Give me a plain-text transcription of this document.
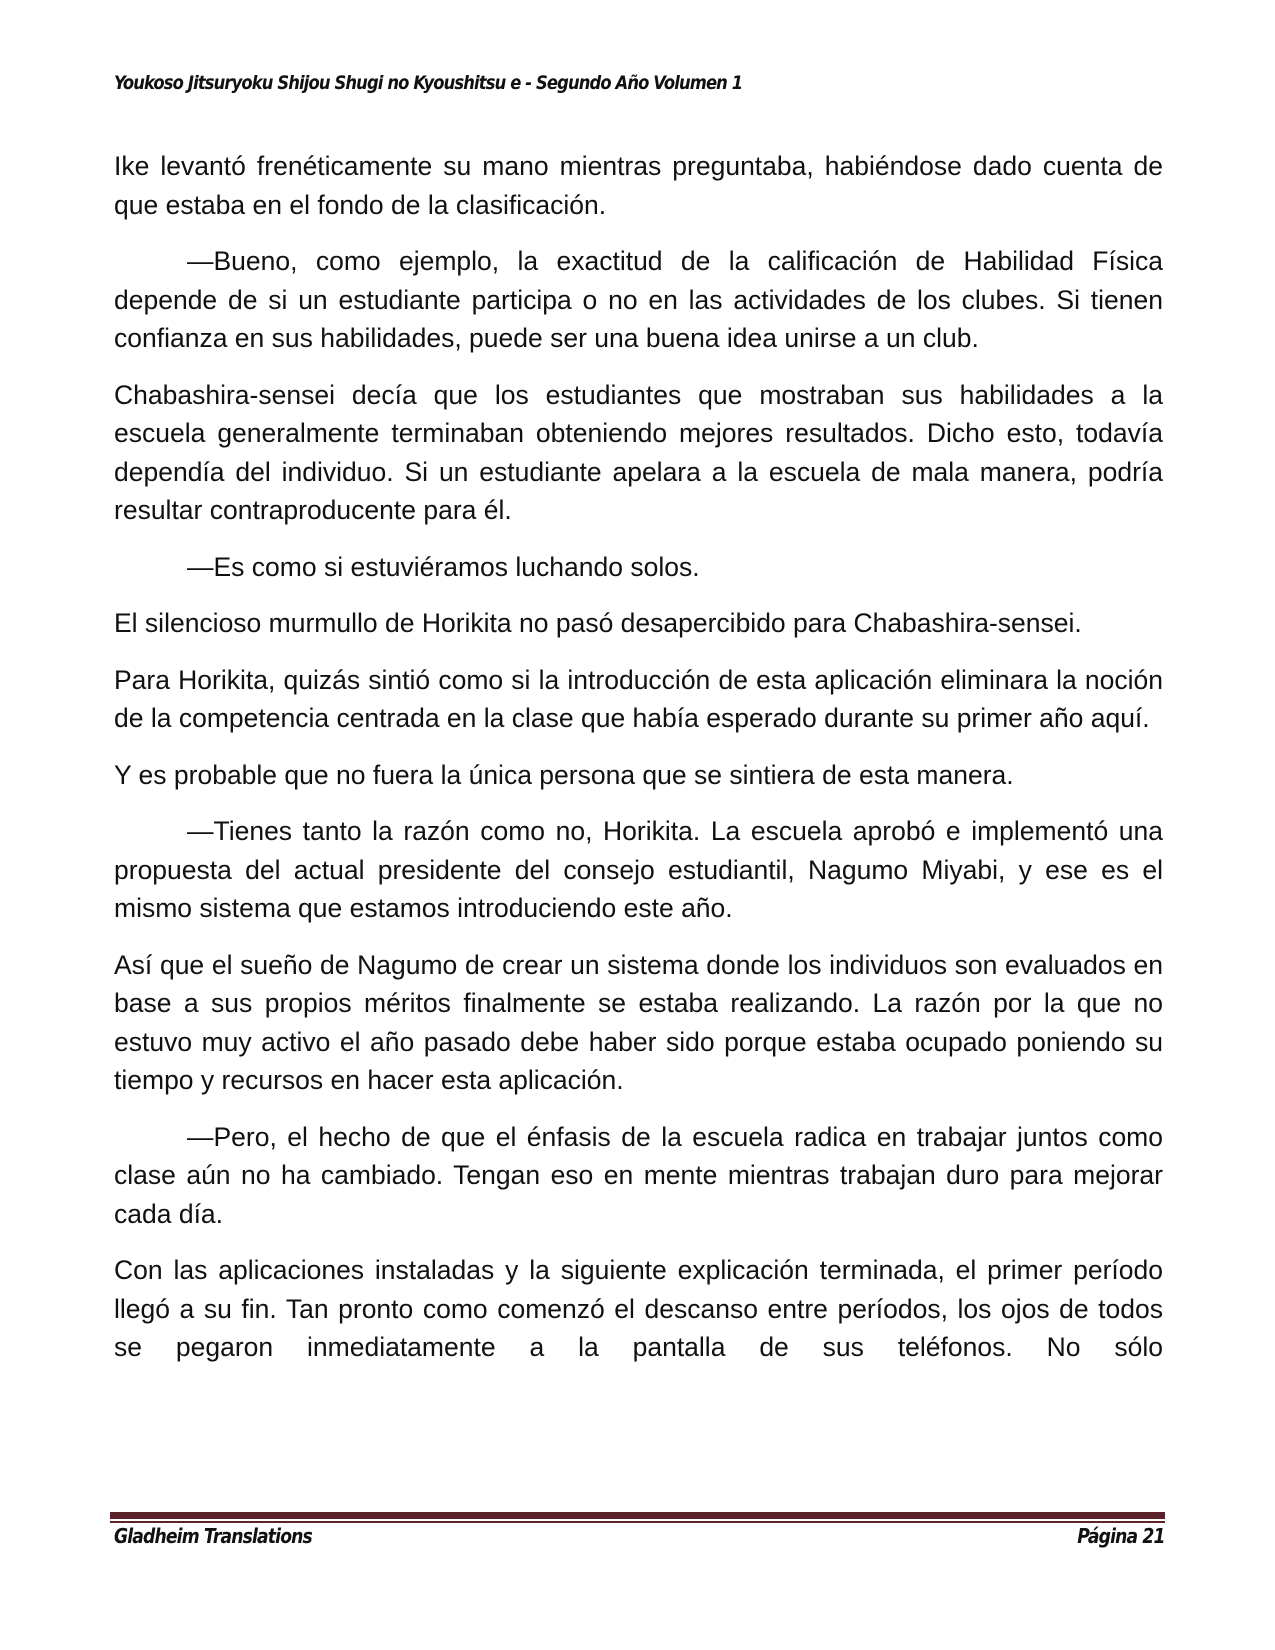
Youkoso Jitsuryoku Shijou Shugi no Kyoushitsu e - Segundo Año Volumen 1

Ike levantó frenéticamente su mano mientras preguntaba, habiéndose dado cuenta de que estaba en el fondo de la clasificación.

—Bueno, como ejemplo, la exactitud de la calificación de Habilidad Física depende de si un estudiante participa o no en las actividades de los clubes. Si tienen confianza en sus habilidades, puede ser una buena idea unirse a un club.

Chabashira-sensei decía que los estudiantes que mostraban sus habilidades a la escuela generalmente terminaban obteniendo mejores resultados. Dicho esto, todavía dependía del individuo. Si un estudiante apelara a la escuela de mala manera, podría resultar contraproducente para él.

—Es como si estuviéramos luchando solos.

El silencioso murmullo de Horikita no pasó desapercibido para Chabashira-sensei.

Para Horikita, quizás sintió como si la introducción de esta aplicación eliminara la noción de la competencia centrada en la clase que había esperado durante su primer año aquí.

Y es probable que no fuera la única persona que se sintiera de esta manera.

—Tienes tanto la razón como no, Horikita. La escuela aprobó e implementó una propuesta del actual presidente del consejo estudiantil, Nagumo Miyabi, y ese es el mismo sistema que estamos introduciendo este año.

Así que el sueño de Nagumo de crear un sistema donde los individuos son evaluados en base a sus propios méritos finalmente se estaba realizando. La razón por la que no estuvo muy activo el año pasado debe haber sido porque estaba ocupado poniendo su tiempo y recursos en hacer esta aplicación.

—Pero, el hecho de que el énfasis de la escuela radica en trabajar juntos como clase aún no ha cambiado. Tengan eso en mente mientras trabajan duro para mejorar cada día.

Con las aplicaciones instaladas y la siguiente explicación terminada, el primer período llegó a su fin. Tan pronto como comenzó el descanso entre períodos, los ojos de todos se pegaron inmediatamente a la pantalla de sus teléfonos. No sólo

Gladheim Translations	Página 21
